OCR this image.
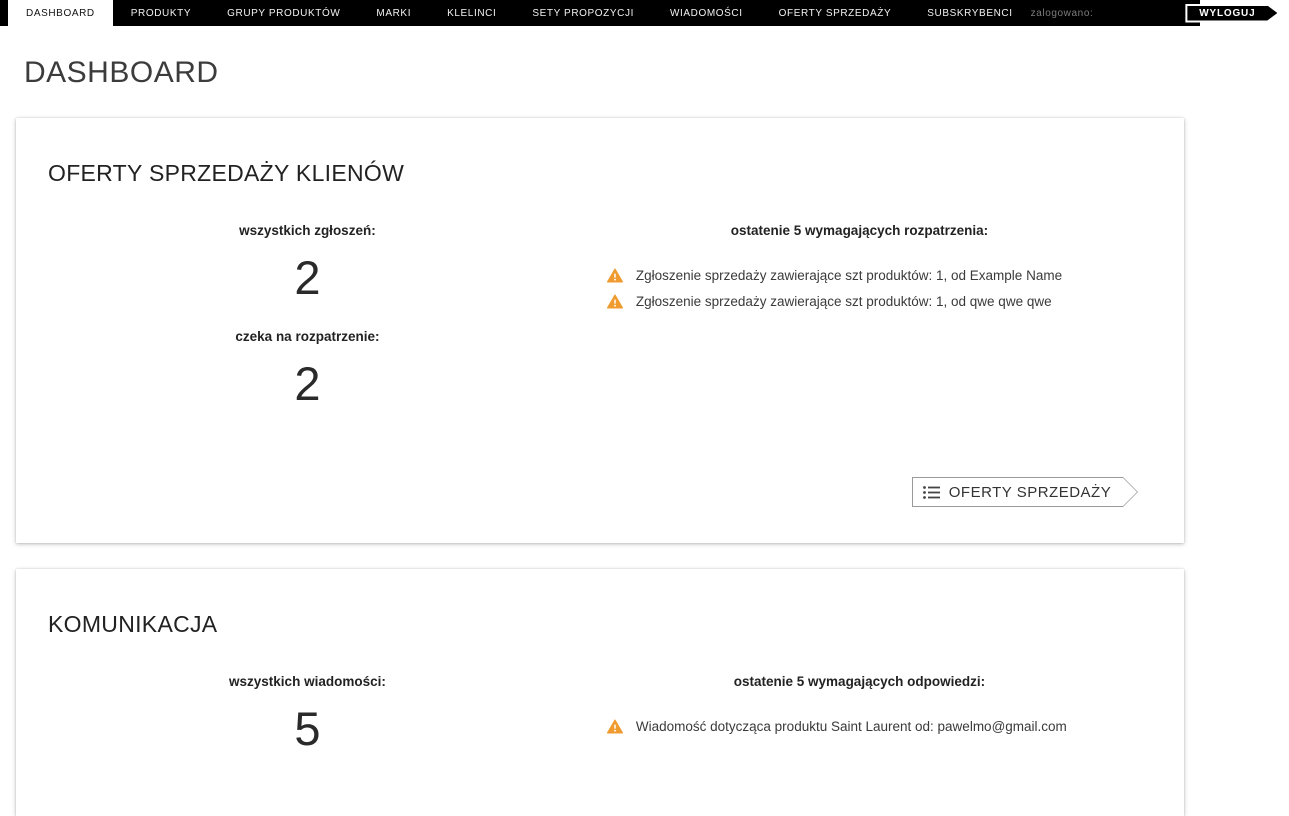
DASHBOARD	PRODUKTY	GRUPY PRODUKTÓW	MARKI	KLELINCI	SETY PROPOZYCJI	WIADOMOŚCI	OFERTY SPRZEDAŻY	SUBSKRYBENCI	zalogowano:	WYLOGUJ
DASHBOARD
OFERTY SPRZEDAŻY KLIENÓW
wszystkich zgłoszeń:
2
czeka na rozpatrzenie:
2
ostatenie 5 wymagających rozpatrzenia:
Zgłoszenie sprzedaży zawierające szt produktów: 1, od Example Name
Zgłoszenie sprzedaży zawierające szt produktów: 1, od qwe qwe qwe
OFERTY SPRZEDAŻY
KOMUNIKACJA
wszystkich wiadomości:
5
ostatenie 5 wymagających odpowiedzi:
Wiadomość dotycząca produktu Saint Laurent od: pawelmo@gmail.com
